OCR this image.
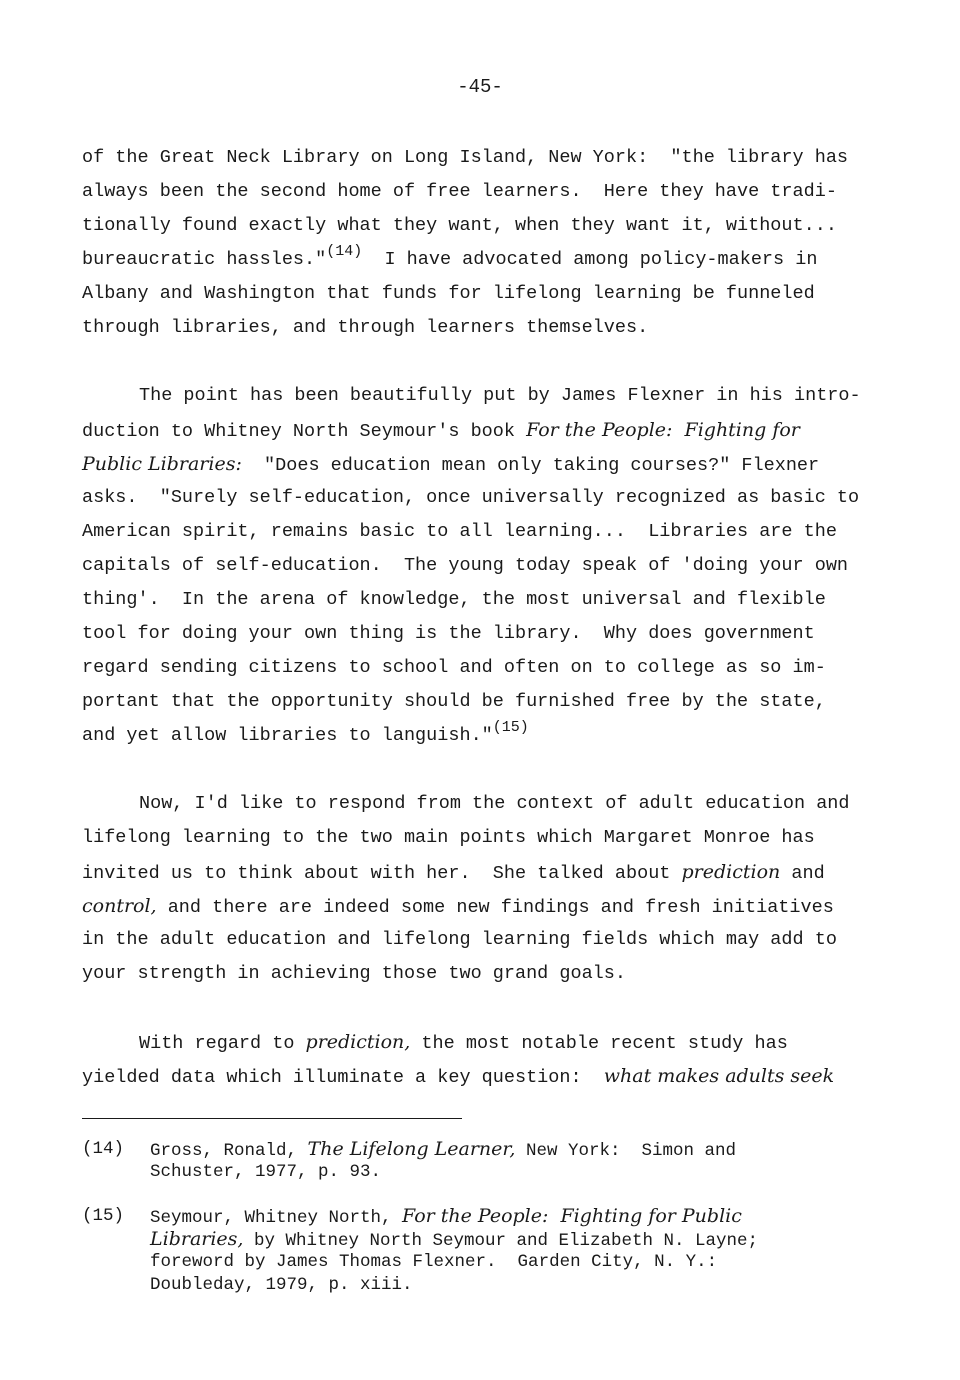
-45-
of the Great Neck Library on Long Island, New York:  "the library has
always been the second home of free learners.  Here they have tradi-
tionally found exactly what they want, when they want it, without...
bureaucratic hassles."$^{(14)}$  I have advocated among policy-makers in
Albany and Washington that funds for lifelong learning be funneled
through libraries, and through learners themselves.
The point has been beautifully put by James Flexner in his intro-
duction to Whitney North Seymour's book For the People:  Fighting for
Public Libraries:  "Does education mean only taking courses?" Flexner
asks.  "Surely self-education, once universally recognized as basic to
American spirit, remains basic to all learning...  Libraries are the
capitals of self-education.  The young today speak of 'doing your own
thing'.  In the arena of knowledge, the most universal and flexible
tool for doing your own thing is the library.  Why does government
regard sending citizens to school and often on to college as so im-
portant that the opportunity should be furnished free by the state,
and yet allow libraries to languish."$^{(15)}$
Now, I'd like to respond from the context of adult education and
lifelong learning to the two main points which Margaret Monroe has
invited us to think about with her.  She talked about prediction and
control, and there are indeed some new findings and fresh initiatives
in the adult education and lifelong learning fields which may add to
your strength in achieving those two grand goals.
With regard to prediction, the most notable recent study has
yielded data which illuminate a key question:  what makes adults seek
(14)	Gross, Ronald, The Lifelong Learner, New York:  Simon and
Schuster, 1977, p. 93.
(15)	Seymour, Whitney North, For the People:  Fighting for Public
Libraries, by Whitney North Seymour and Elizabeth N. Layne;
foreword by James Thomas Flexner.  Garden City, N. Y.:
Doubleday, 1979, p. xiii.
